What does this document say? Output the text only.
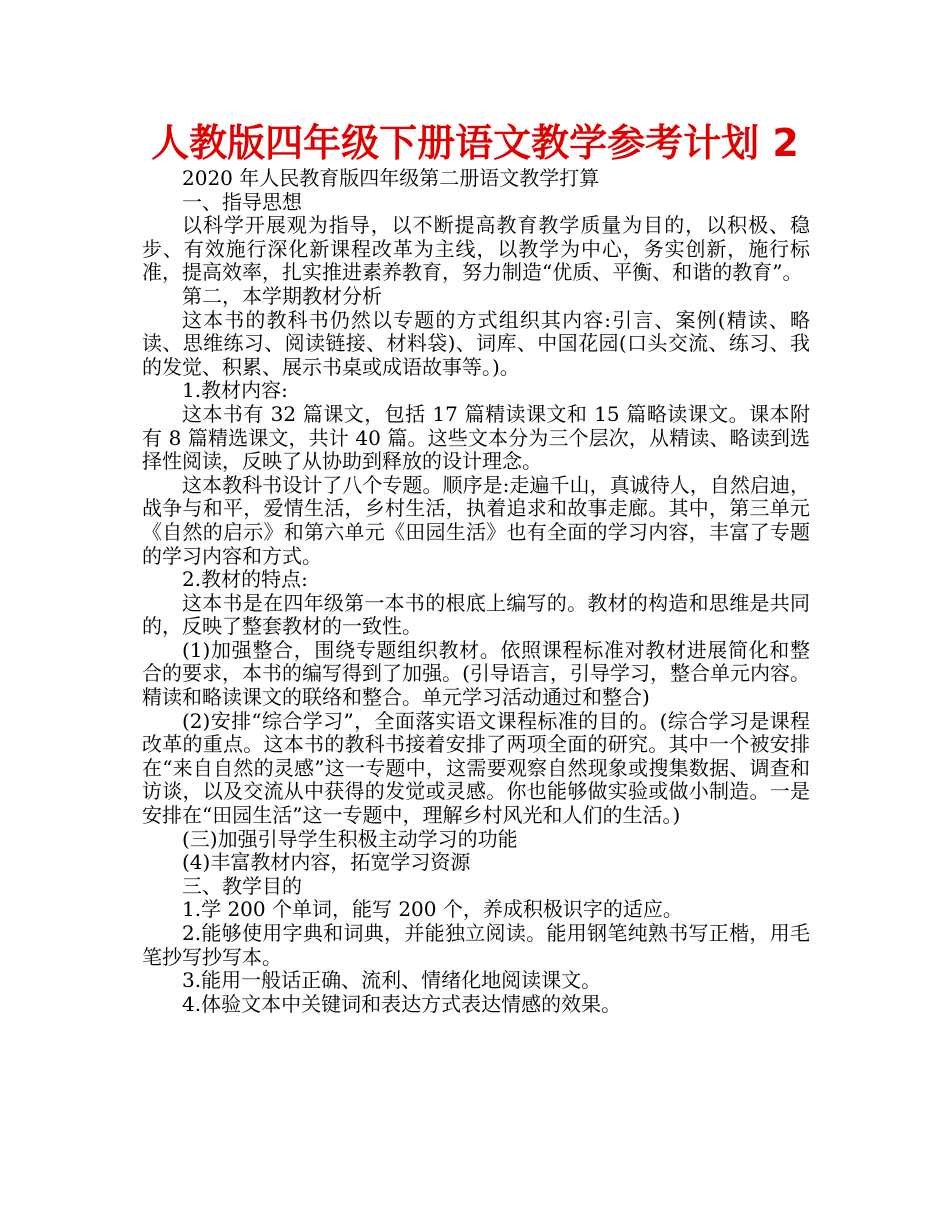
人教版四年级下册语文教学参考计划 2

2020 年人民教育版四年级第二册语文教学打算

一、指导思想

以科学开展观为指导，以不断提高教育教学质量为目的，以积极、稳步、有效施行深化新课程改革为主线，以教学为中心，务实创新，施行标准，提高效率，扎实推进素养教育，努力制造“优质、平衡、和谐的教育”。

第二，本学期教材分析

这本书的教科书仍然以专题的方式组织其内容:引言、案例(精读、略读、思维练习、阅读链接、材料袋)、词库、中国花园(口头交流、练习、我的发觉、积累、展示书桌或成语故事等。)。

1.教材内容:

这本书有 32 篇课文，包括 17 篇精读课文和 15 篇略读课文。课本附有 8 篇精选课文，共计 40 篇。这些文本分为三个层次，从精读、略读到选择性阅读，反映了从协助到释放的设计理念。

这本教科书设计了八个专题。顺序是:走遍千山，真诚待人，自然启迪，战争与和平，爱情生活，乡村生活，执着追求和故事走廊。其中，第三单元《自然的启示》和第六单元《田园生活》也有全面的学习内容，丰富了专题的学习内容和方式。

2.教材的特点:

这本书是在四年级第一本书的根底上编写的。教材的构造和思维是共同的，反映了整套教材的一致性。

(1)加强整合，围绕专题组织教材。依照课程标准对教材进展简化和整合的要求，本书的编写得到了加强。(引导语言，引导学习，整合单元内容。精读和略读课文的联络和整合。单元学习活动通过和整合)

(2)安排“综合学习”，全面落实语文课程标准的目的。(综合学习是课程改革的重点。这本书的教科书接着安排了两项全面的研究。其中一个被安排在“来自自然的灵感”这一专题中，这需要观察自然现象或搜集数据、调查和访谈，以及交流从中获得的发觉或灵感。你也能够做实验或做小制造。一是安排在“田园生活”这一专题中，理解乡村风光和人们的生活。)

(三)加强引导学生积极主动学习的功能

(4)丰富教材内容，拓宽学习资源

三、教学目的

1.学 200 个单词，能写 200 个，养成积极识字的适应。

2.能够使用字典和词典，并能独立阅读。能用钢笔纯熟书写正楷，用毛笔抄写抄写本。

3.能用一般话正确、流利、情绪化地阅读课文。

4.体验文本中关键词和表达方式表达情感的效果。
